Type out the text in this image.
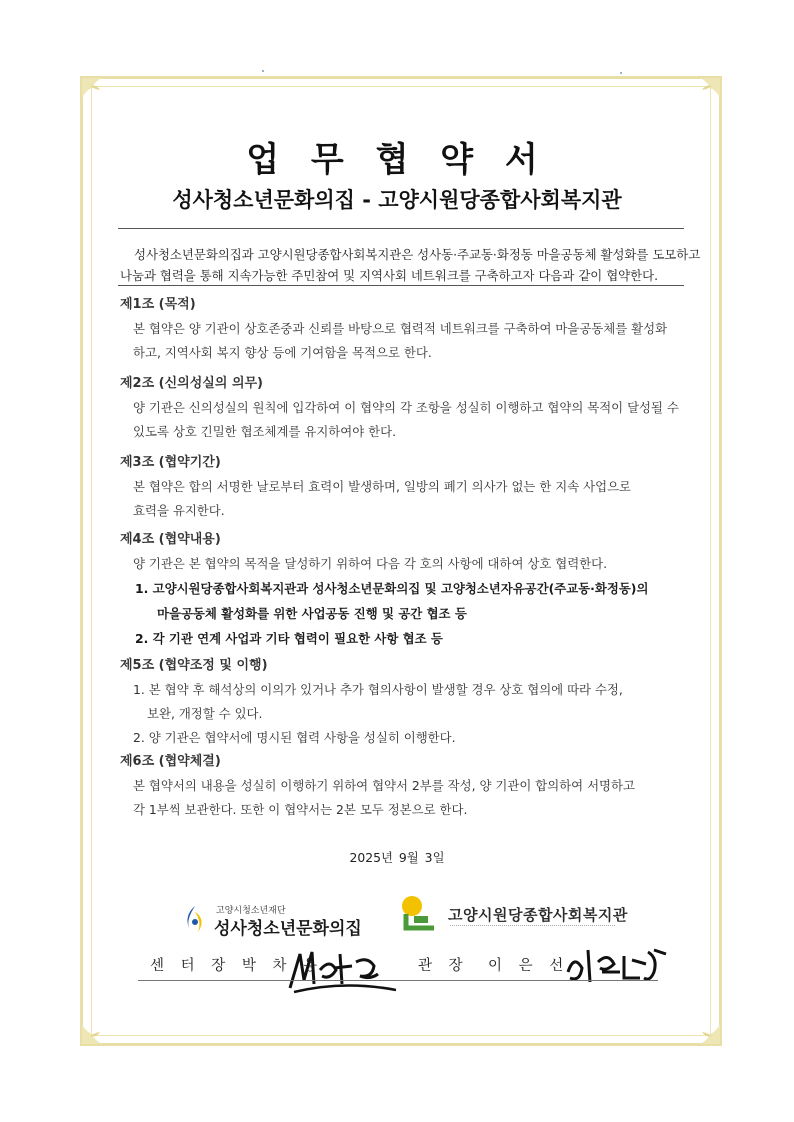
업 무 협 약 서
성사청소년문화의집 - 고양시원당종합사회복지관
성사청소년문화의집과 고양시원당종합사회복지관은 성사동·주교동·화정동 마을공동체 활성화를 도모하고
나눔과 협력을 통해 지속가능한 주민참여 및 지역사회 네트워크를 구축하고자 다음과 같이 협약한다.
제1조 (목적)
본 협약은 양 기관이 상호존중과 신뢰를 바탕으로 협력적 네트워크를 구축하여 마을공동체를 활성화
하고, 지역사회 복지 향상 등에 기여함을 목적으로 한다.
제2조 (신의성실의 의무)
양 기관은 신의성실의 원칙에 입각하여 이 협약의 각 조항을 성실히 이행하고 협약의 목적이 달성될 수
있도록 상호 긴밀한 협조체계를 유지하여야 한다.
제3조 (협약기간)
본 협약은 합의 서명한 날로부터 효력이 발생하며, 일방의 폐기 의사가 없는 한 지속 사업으로
효력을 유지한다.
제4조 (협약내용)
양 기관은 본 협약의 목적을 달성하기 위하여 다음 각 호의 사항에 대하여 상호 협력한다.
1. 고양시원당종합사회복지관과 성사청소년문화의집 및 고양청소년자유공간(주교동·화정동)의
마을공동체 활성화를 위한 사업공동 진행 및 공간 협조 등
2. 각 기관 연계 사업과 기타 협력이 필요한 사항 협조 등
제5조 (협약조정 및 이행)
1. 본 협약 후 해석상의 이의가 있거나 추가 협의사항이 발생할 경우 상호 협의에 따라 수정,
보완, 개정할 수 있다.
2. 양 기관은 협약서에 명시된 협력 사항을 성실히 이행한다.
제6조 (협약체결)
본 협약서의 내용을 성실히 이행하기 위하여 협약서 2부를 작성, 양 기관이 합의하여 서명하고
각 1부씩 보관한다. 또한 이 협약서는 2본 모두 정본으로 한다.
2025년 9월 3일
고양시청소년재단
성사청소년문화의집
고양시원당종합사회복지관
센 터 장 박 차 용	관 장 이 은 선
